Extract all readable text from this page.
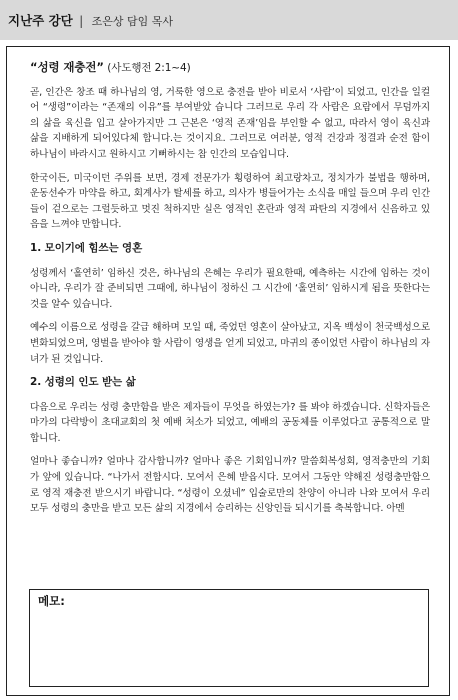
지난주 강단 | 조은상 담임 목사
“성령 재충전” (사도행전 2:1~4)

곧, 인간은 창조 때 하나님의 영, 거룩한 영으로 충전을 받아 비로서 ‘사람’이 되었고, 인간을 일컬어 “생령”이라는 “존재의 이유”를 부여받았 습니다 그러므로 우리 각 사람은 요람에서 무덤까지의 삶을 육신을 입고 살아가지만 그 근본은 ‘영적 존재’임을 부인할 수 없고, 따라서 영이 육신과 삶을 지배하게 되어있다체 합니다.는 것이지요. 그러므로 여러분, 영적 건강과 정결과 순전 함이 하나님이 바라시고 원하시고 기뻐하시는 참 인간의 모습입니다.

한국이든, 미국이던 주위를 보면, 경제 전문가가 횡령하여 최고랑차고, 정치가가 불법을 행하며, 운동선수가 마약을 하고, 회계사가 탈세를 하고, 의사가 병들어가는 소식을 매일 들으며 우리 인간들이 겉으로는 그럴듯하고 멋진 척하지만 실은 영적인 혼란과 영적 파탄의 지경에서 신음하고 있음을 느껴야 만합니다.

1. 모이기에 힘쓰는 영혼

성령께서 ‘홀연히’ 임하신 것은, 하나님의 은혜는 우리가 필요한때, 예측하는 시간에 임하는 것이 아니라, 우리가 잘 준비되면 그때에, 하나님이 정하신 그 시간에 ‘홀연히’ 임하시게 됨을 뜻한다는 것을 알수 있습니다.

예수의 이름으로 성령을 갈급 해하며 모일 때, 죽었던 영혼이 살아났고, 지옥 백성이 천국백성으로 변화되었으며, 영벌을 받아야 할 사람이 영생을 얻게 되었고, 마귀의 종이었던 사람이 하나님의 자녀가 된 것입니다.

2. 성령의 인도 받는 삶

다음으로 우리는 성령 충만함을 받은 제자들이 무엇을 하였는가? 를 봐야 하겠습니다. 신학자들은 마가의 다락방이 초대교회의 첫 예배 처소가 되었고, 예배의 공동체를 이루었다고 공통적으로 말합니다.

얼마나 좋습니까? 얼마나 감사합니까? 얼마나 좋은 기회입니까? 말씀회복성회, 영적충만의 기회가 앞에 있습니다. “나가서 전합시다. 모여서 은혜 받읍시다. 모여서 그동안 약해진 성령충만함으로 영적 재충전 받으시기 바랍니다. “성령이 오셨네” 입술로만의 찬양이 아니라 나와 모여서 우리 모두 성령의 충만을 받고 모든 삶의 지경에서 승리하는 신앙인들 되시기를 축복합니다. 아멘

메모:
